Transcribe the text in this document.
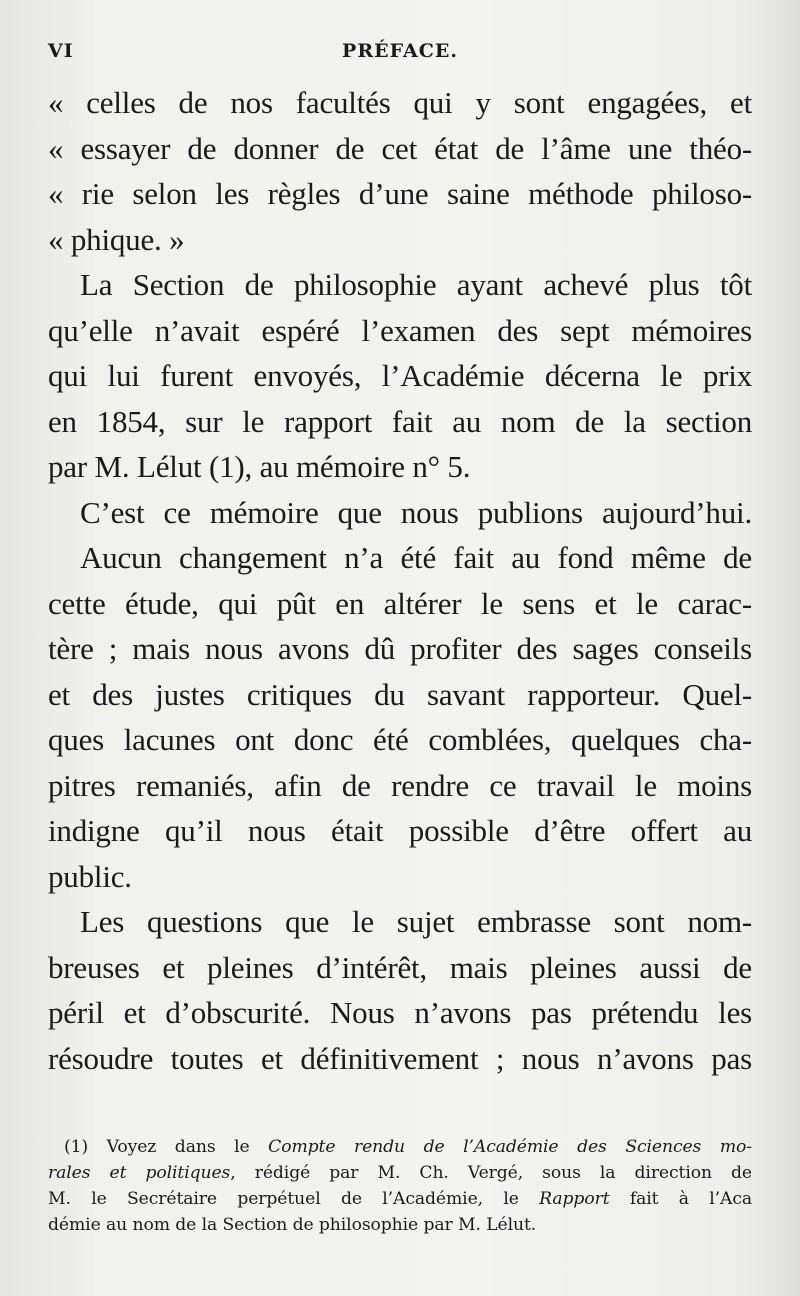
VI	PRÉFACE.
« celles de nos facultés qui y sont engagées, et
« essayer de donner de cet état de l’âme une théo-
« rie selon les règles d’une saine méthode philoso-
« phique. »
La Section de philosophie ayant achevé plus tôt
qu’elle n’avait espéré l’examen des sept mémoires
qui lui furent envoyés, l’Académie décerna le prix
en 1854, sur le rapport fait au nom de la section
par M. Lélut (1), au mémoire n° 5.
C’est ce mémoire que nous publions aujourd’hui.
Aucun changement n’a été fait au fond même de
cette étude, qui pût en altérer le sens et le carac-
tère ; mais nous avons dû profiter des sages conseils
et des justes critiques du savant rapporteur. Quel-
ques lacunes ont donc été comblées, quelques cha-
pitres remaniés, afin de rendre ce travail le moins
indigne qu’il nous était possible d’être offert au
public.
Les questions que le sujet embrasse sont nom-
breuses et pleines d’intérêt, mais pleines aussi de
péril et d’obscurité. Nous n’avons pas prétendu les
résoudre toutes et définitivement ; nous n’avons pas
(1) Voyez dans le Compte rendu de l’Académie des Sciences mo-
rales et politiques, rédigé par M. Ch. Vergé, sous la direction de
M. le Secrétaire perpétuel de l’Académie, le Rapport fait à l’Aca
démie au nom de la Section de philosophie par M. Lélut.
